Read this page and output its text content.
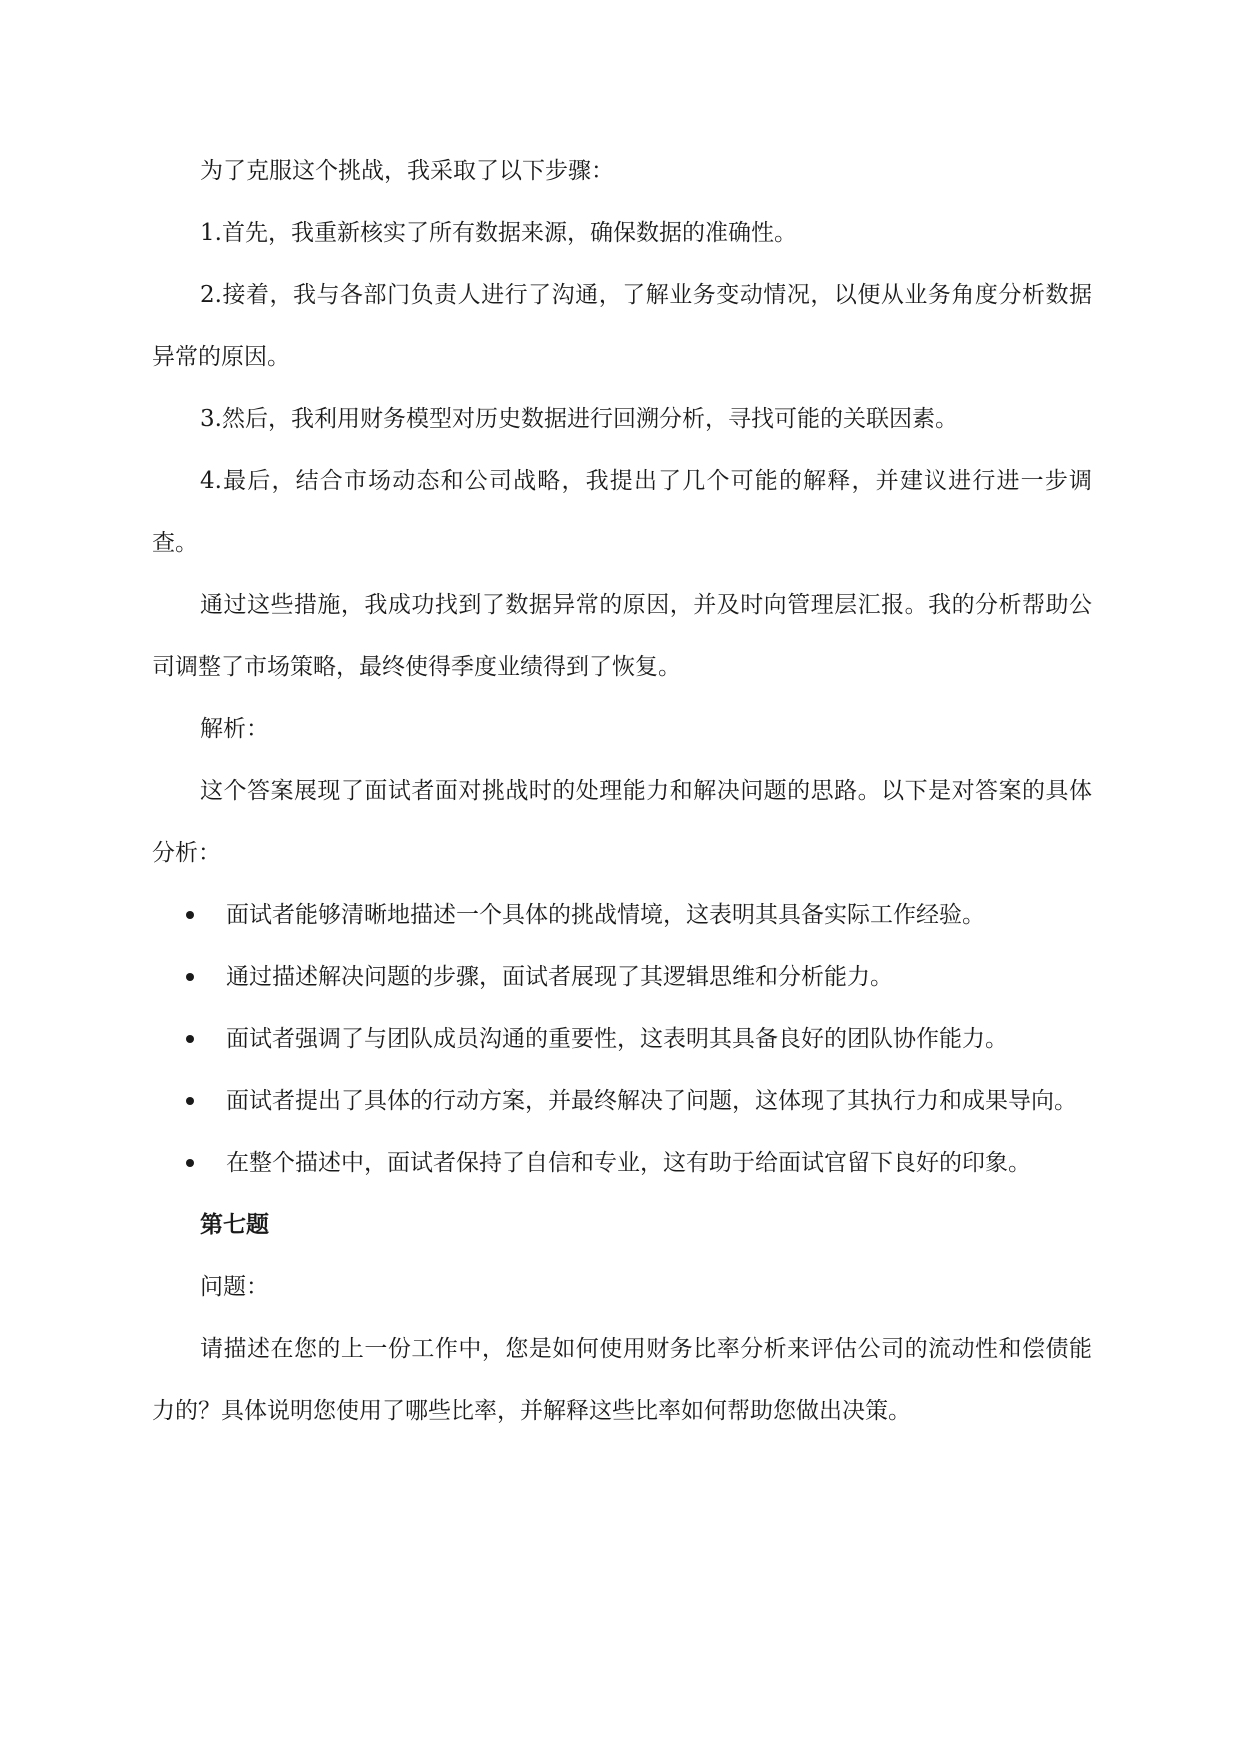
为了克服这个挑战，我采取了以下步骤：

1.首先，我重新核实了所有数据来源，确保数据的准确性。

2.接着，我与各部门负责人进行了沟通，了解业务变动情况，以便从业务角度分析数据异常的原因。

3.然后，我利用财务模型对历史数据进行回溯分析，寻找可能的关联因素。

4.最后，结合市场动态和公司战略，我提出了几个可能的解释，并建议进行进一步调查。

通过这些措施，我成功找到了数据异常的原因，并及时向管理层汇报。我的分析帮助公司调整了市场策略，最终使得季度业绩得到了恢复。

解析：

这个答案展现了面试者面对挑战时的处理能力和解决问题的思路。以下是对答案的具体分析：

面试者能够清晰地描述一个具体的挑战情境，这表明其具备实际工作经验。
通过描述解决问题的步骤，面试者展现了其逻辑思维和分析能力。
面试者强调了与团队成员沟通的重要性，这表明其具备良好的团队协作能力。
面试者提出了具体的行动方案，并最终解决了问题，这体现了其执行力和成果导向。
在整个描述中，面试者保持了自信和专业，这有助于给面试官留下良好的印象。

第七题

问题：

请描述在您的上一份工作中，您是如何使用财务比率分析来评估公司的流动性和偿债能力的？具体说明您使用了哪些比率，并解释这些比率如何帮助您做出决策。
